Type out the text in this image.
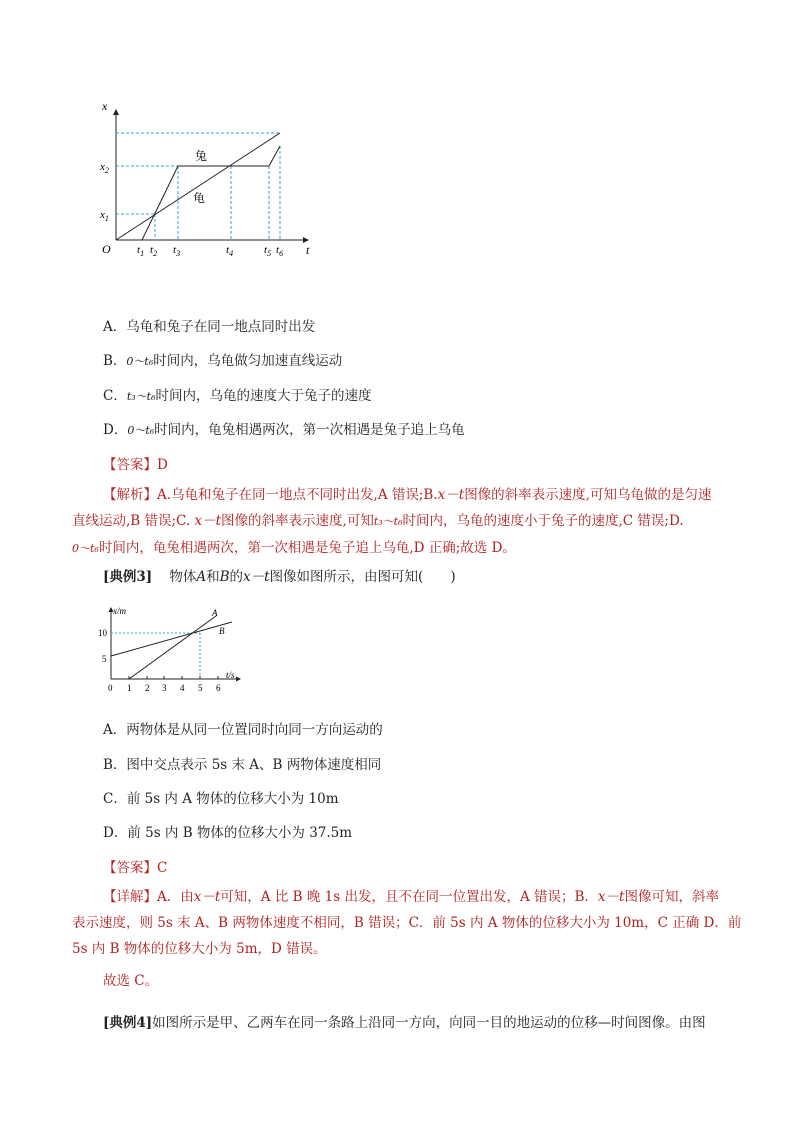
x
t
O
$x_2$
$x_1$
$t_1$ $t_2$ $t_3$	$t_4$	$t_5$ $t_6$
兔
龟
A．乌龟和兔子在同一地点同时出发
B．0～t₆时间内，乌龟做匀加速直线运动
C．t₃～t₆时间内，乌龟的速度大于兔子的速度
D．0～t₆时间内，龟兔相遇两次，第一次相遇是兔子追上乌龟
【答案】D
【解析】A.乌龟和兔子在同一地点不同时出发,A 错误;B.x－t图像的斜率表示速度,可知乌龟做的是匀速
直线运动,B 错误;C. x－t图像的斜率表示速度,可知t₃～t₆时间内，乌龟的速度小于兔子的速度,C 错误;D.
0～t₆时间内，龟兔相遇两次，第一次相遇是兔子追上乌龟,D 正确;故选 D。
[典例3] 物体A和B的x－t图像如图所示，由图可知(　　)
x/m
t/s
10
5
0 1 2 3 4 5 6
A
B
A．两物体是从同一位置同时向同一方向运动的
B．图中交点表示 5s 末 A、B 两物体速度相同
C．前 5s 内 A 物体的位移大小为 10m
D．前 5s 内 B 物体的位移大小为 37.5m
【答案】C
【详解】A．由x－t可知，A 比 B 晚 1s 出发，且不在同一位置出发，A 错误；B．x－t图像可知，斜率
表示速度，则 5s 末 A、B 两物体速度不相同，B 错误；C．前 5s 内 A 物体的位移大小为 10m，C 正确 D．前
5s 内 B 物体的位移大小为 5m，D 错误。
故选 C。
[典例4]如图所示是甲、乙两车在同一条路上沿同一方向，向同一目的地运动的位移—时间图像。由图
